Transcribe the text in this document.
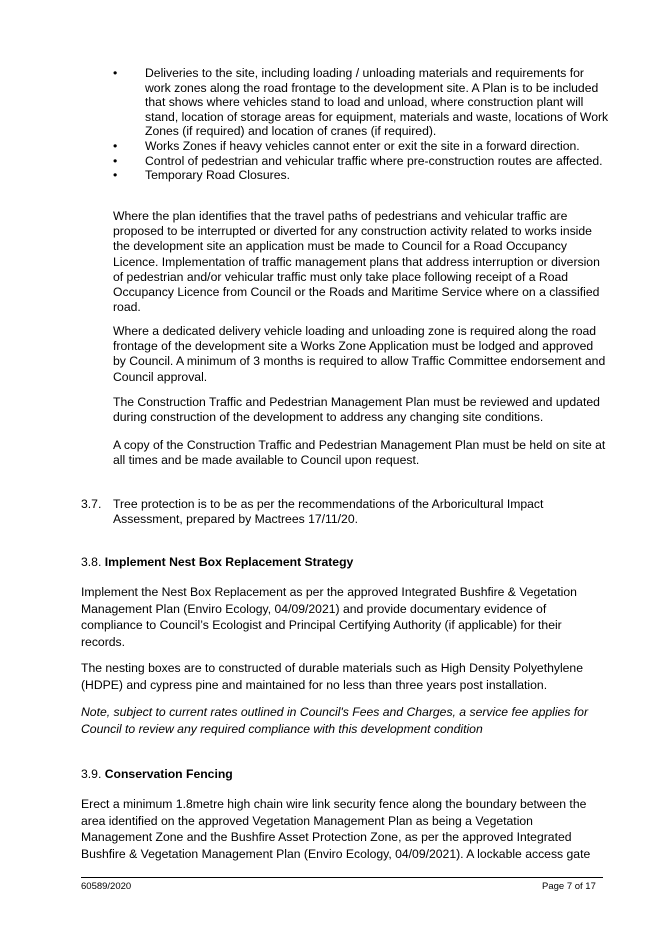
• Deliveries to the site, including loading / unloading materials and requirements for work zones along the road frontage to the development site. A Plan is to be included that shows where vehicles stand to load and unload, where construction plant will stand, location of storage areas for equipment, materials and waste, locations of Work Zones (if required) and location of cranes (if required).
• Works Zones if heavy vehicles cannot enter or exit the site in a forward direction.
• Control of pedestrian and vehicular traffic where pre-construction routes are affected.
• Temporary Road Closures.

Where the plan identifies that the travel paths of pedestrians and vehicular traffic are proposed to be interrupted or diverted for any construction activity related to works inside the development site an application must be made to Council for a Road Occupancy Licence. Implementation of traffic management plans that address interruption or diversion of pedestrian and/or vehicular traffic must only take place following receipt of a Road Occupancy Licence from Council or the Roads and Maritime Service where on a classified road.

Where a dedicated delivery vehicle loading and unloading zone is required along the road frontage of the development site a Works Zone Application must be lodged and approved by Council. A minimum of 3 months is required to allow Traffic Committee endorsement and Council approval.

The Construction Traffic and Pedestrian Management Plan must be reviewed and updated during construction of the development to address any changing site conditions.

A copy of the Construction Traffic and Pedestrian Management Plan must be held on site at all times and be made available to Council upon request.

3.7. Tree protection is to be as per the recommendations of the Arboricultural Impact Assessment, prepared by Mactrees 17/11/20.

3.8. Implement Nest Box Replacement Strategy

Implement the Nest Box Replacement as per the approved Integrated Bushfire & Vegetation Management Plan (Enviro Ecology, 04/09/2021) and provide documentary evidence of compliance to Council’s Ecologist and Principal Certifying Authority (if applicable) for their records.

The nesting boxes are to constructed of durable materials such as High Density Polyethylene (HDPE) and cypress pine and maintained for no less than three years post installation.

Note, subject to current rates outlined in Council's Fees and Charges, a service fee applies for Council to review any required compliance with this development condition

3.9. Conservation Fencing

Erect a minimum 1.8metre high chain wire link security fence along the boundary between the area identified on the approved Vegetation Management Plan as being a Vegetation Management Zone and the Bushfire Asset Protection Zone, as per the approved Integrated Bushfire & Vegetation Management Plan (Enviro Ecology, 04/09/2021). A lockable access gate

60589/2020	Page 7 of 17
